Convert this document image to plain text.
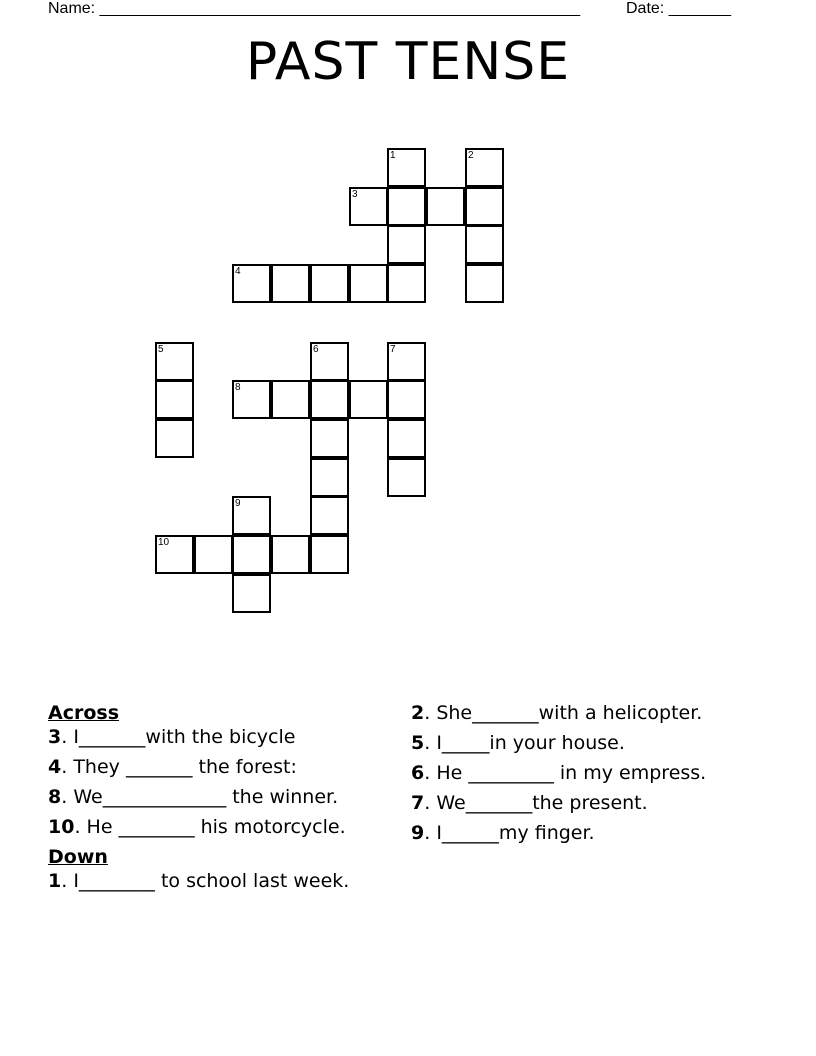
Name: ______________________________________________________	Date: _______
PAST TENSE
1	2
3
4
5	6	7
8
9
10
Across
3. I_______with the bicycle
4. They _______ the forest:
8. We_____________ the winner.
10. He ________ his motorcycle.
Down
1. I________ to school last week.
2. She_______with a helicopter.
5. I_____in your house.
6. He _________ in my empress.
7. We_______the present.
9. I______my finger.
